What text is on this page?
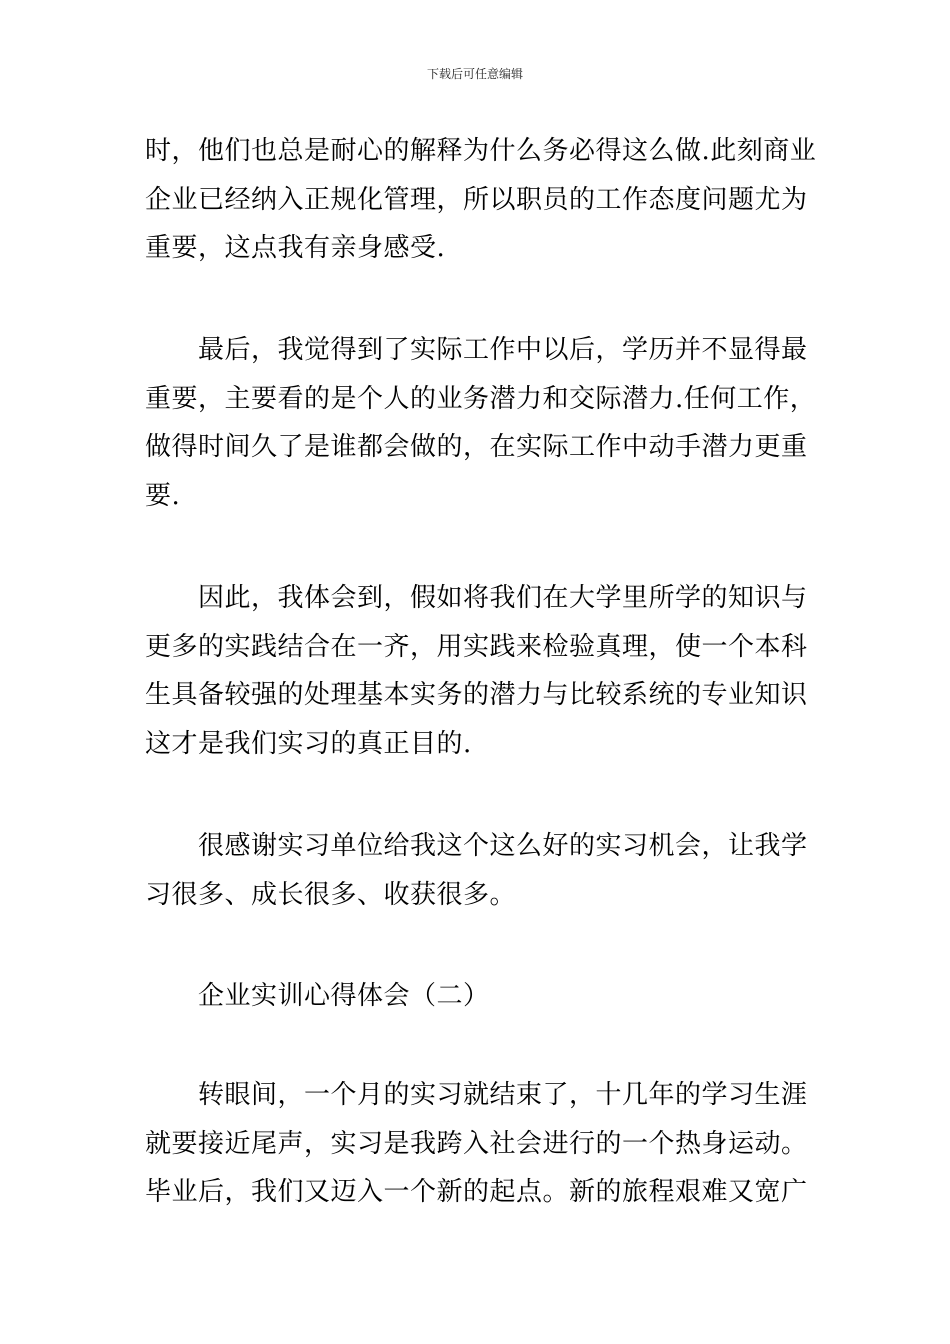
下载后可任意编辑
时，他们也总是耐心的解释为什么务必得这么做.此刻商业
企业已经纳入正规化管理，所以职员的工作态度问题尤为
重要，这点我有亲身感受.
最后，我觉得到了实际工作中以后，学历并不显得最
重要，主要看的是个人的业务潜力和交际潜力.任何工作，
做得时间久了是谁都会做的，在实际工作中动手潜力更重
要.
因此，我体会到，假如将我们在大学里所学的知识与
更多的实践结合在一齐，用实践来检验真理，使一个本科
生具备较强的处理基本实务的潜力与比较系统的专业知识
这才是我们实习的真正目的.
很感谢实习单位给我这个这么好的实习机会，让我学
习很多、成长很多、收获很多。
企业实训心得体会（二）
转眼间，一个月的实习就结束了，十几年的学习生涯
就要接近尾声，实习是我跨入社会进行的一个热身运动。
毕业后，我们又迈入一个新的起点。新的旅程艰难又宽广
